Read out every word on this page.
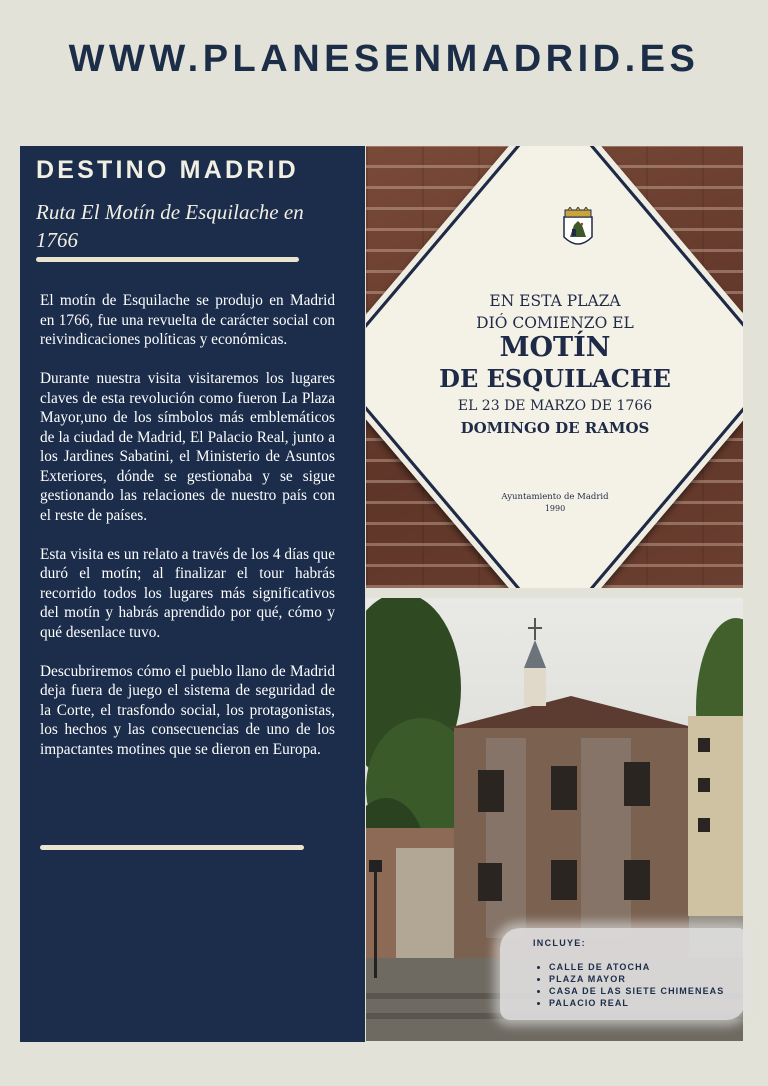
WWW.PLANESENMADRID.ES
DESTINO MADRID
Ruta El Motín de Esquilache en 1766

El motín de Esquilache se produjo en Madrid en 1766, fue una revuelta de carácter social con reivindicaciones políticas y económicas.

Durante nuestra visita visitaremos los lugares claves de esta revolución como fueron La Plaza Mayor,uno de los símbolos más emblemáticos de la ciudad de Madrid, El Palacio Real, junto a los Jardines Sabatini, el Ministerio de Asuntos Exteriores, dónde se gestionaba y se sigue gestionando las relaciones de nuestro país con el reste de países.

Esta visita es un relato a través de los 4 días que duró el motín; al finalizar el tour habrás recorrido todos los lugares más significativos del motín y habrás aprendido por qué, cómo y qué desenlace tuvo.

Descubriremos cómo el pueblo llano de Madrid deja fuera de juego el sistema de seguridad de la Corte, el trasfondo social, los protagonistas, los hechos y las consecuencias de uno de los impactantes motines que se dieron en Europa.

EN ESTA PLAZA
DIÓ COMIENZO EL
MOTÍN
DE ESQUILACHE
EL 23 DE MARZO DE 1766
DOMINGO DE RAMOS
Ayuntamiento de Madrid
1990
INCLUYE:
• CALLE DE ATOCHA
• PLAZA MAYOR
• CASA DE LAS SIETE CHIMENEAS
• PALACIO REAL
